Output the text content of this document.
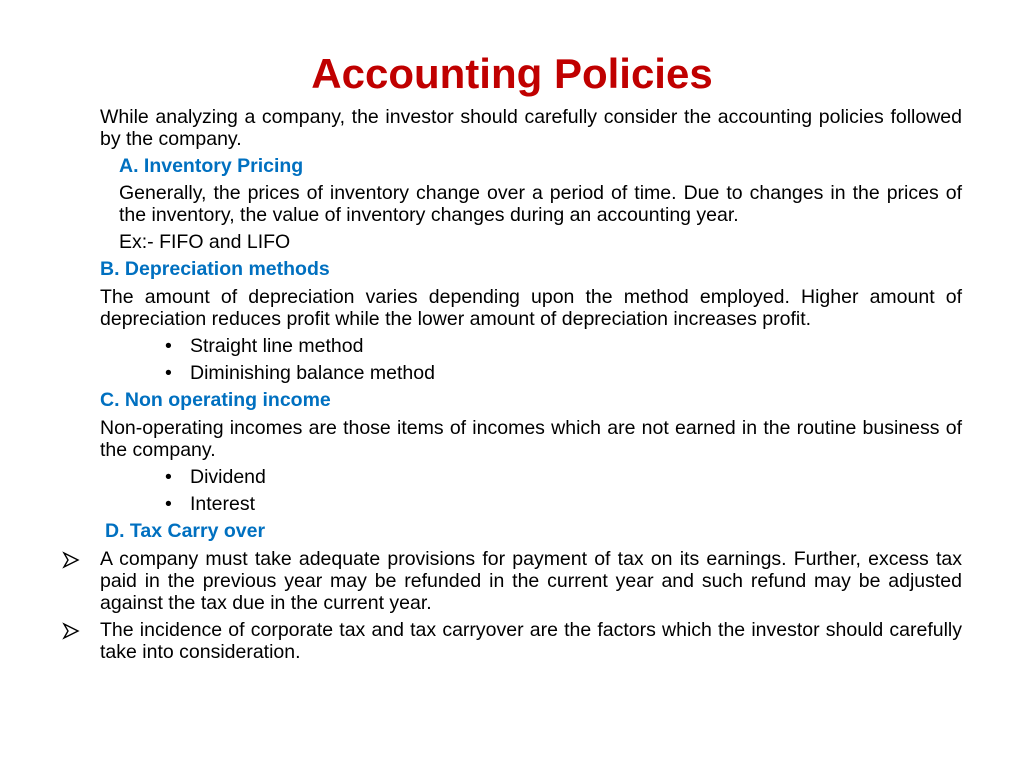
Accounting Policies

While analyzing a company, the investor should carefully consider the accounting policies followed by the company.

A. Inventory Pricing

Generally, the prices of inventory change over a period of time. Due to changes in the prices of the inventory, the value of inventory changes during an accounting year.

Ex:- FIFO and LIFO

B. Depreciation methods

The amount of depreciation varies depending upon the method employed. Higher amount of depreciation reduces profit while the lower amount of depreciation increases profit.

• Straight line method
• Diminishing balance method

C. Non operating income

Non-operating incomes are those items of incomes which are not earned in the routine business of the company.

• Dividend
• Interest

D. Tax Carry over

A company must take adequate provisions for payment of tax on its earnings. Further, excess tax paid in the previous year may be refunded in the current year and such refund may be adjusted against the tax due in the current year.

The incidence of corporate tax and tax carryover are the factors which the investor should carefully take into consideration.
